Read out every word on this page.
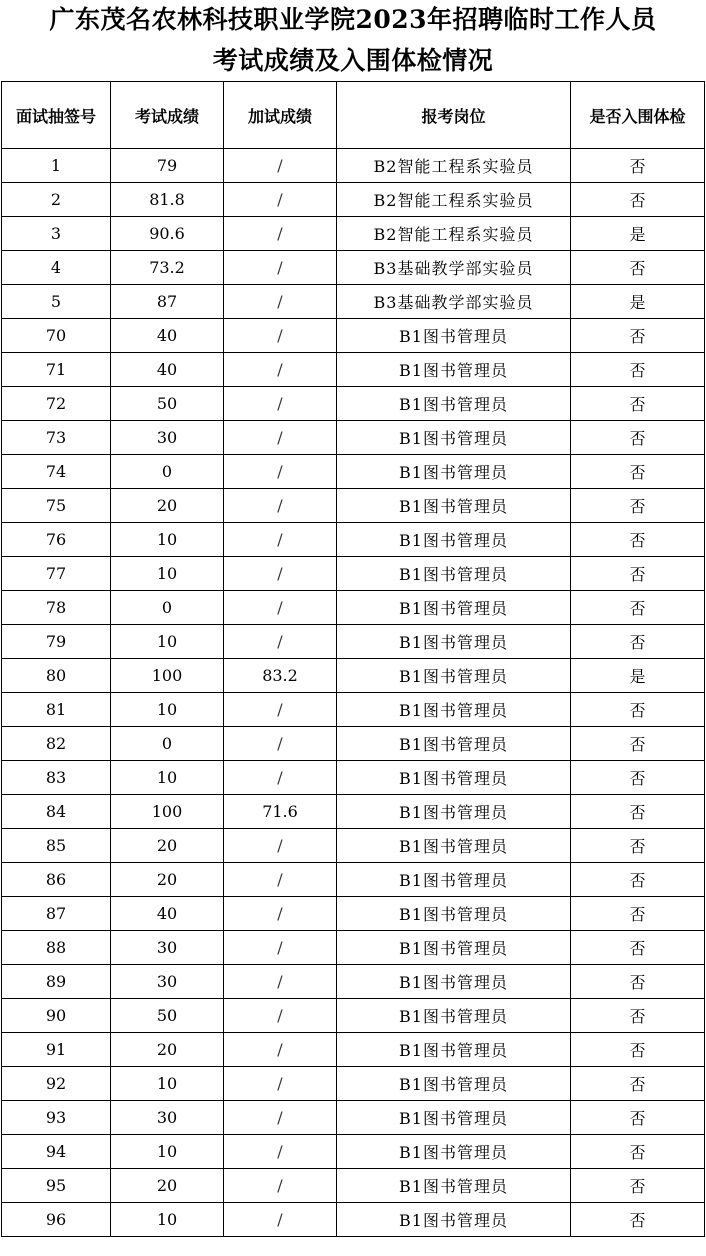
广东茂名农林科技职业学院2023年招聘临时工作人员
考试成绩及入围体检情况
面试抽签号	考试成绩	加试成绩	报考岗位	是否入围体检
1	79	/	B2智能工程系实验员	否
2	81.8	/	B2智能工程系实验员	否
3	90.6	/	B2智能工程系实验员	是
4	73.2	/	B3基础教学部实验员	否
5	87	/	B3基础教学部实验员	是
70	40	/	B1图书管理员	否
71	40	/	B1图书管理员	否
72	50	/	B1图书管理员	否
73	30	/	B1图书管理员	否
74	0	/	B1图书管理员	否
75	20	/	B1图书管理员	否
76	10	/	B1图书管理员	否
77	10	/	B1图书管理员	否
78	0	/	B1图书管理员	否
79	10	/	B1图书管理员	否
80	100	83.2	B1图书管理员	是
81	10	/	B1图书管理员	否
82	0	/	B1图书管理员	否
83	10	/	B1图书管理员	否
84	100	71.6	B1图书管理员	否
85	20	/	B1图书管理员	否
86	20	/	B1图书管理员	否
87	40	/	B1图书管理员	否
88	30	/	B1图书管理员	否
89	30	/	B1图书管理员	否
90	50	/	B1图书管理员	否
91	20	/	B1图书管理员	否
92	10	/	B1图书管理员	否
93	30	/	B1图书管理员	否
94	10	/	B1图书管理员	否
95	20	/	B1图书管理员	否
96	10	/	B1图书管理员	否
